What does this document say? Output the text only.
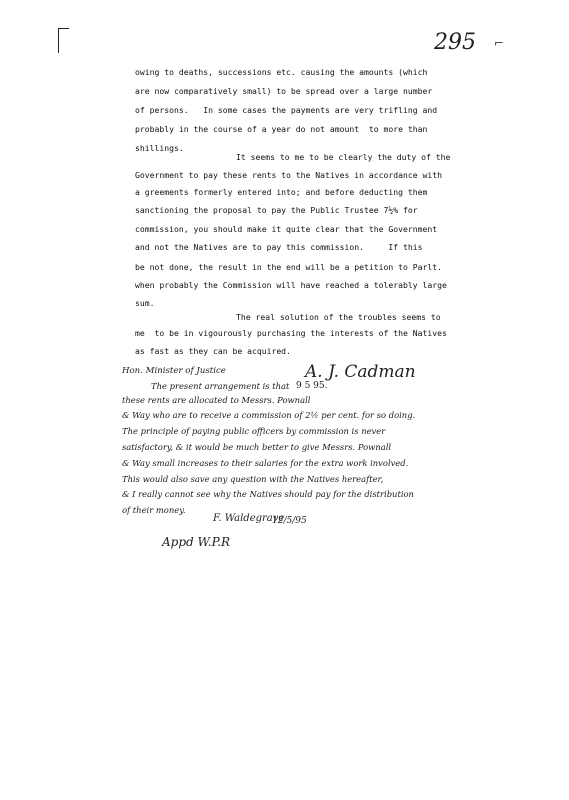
295 ⌐
owing to deaths, successions etc. causing the amounts (which
are now comparatively small) to be spread over a large number
of persons.   In some cases the payments are very trifling and
probably in the course of a year do not amount  to more than
shillings.
It seems to me to be clearly the duty of the
Government to pay these rents to the Natives in accordance with
a greements formerly entered into; and before deducting them
sanctioning the proposal to pay the Public Trustee 7½% for
commission, you should make it quite clear that the Government
and not the Natives are to pay this commission.     If this
be not done, the result in the end will be a petition to Parlt.
when probably the Commission will have reached a tolerably large
sum.
The real solution of the troubles seems to
me  to be in vigourously purchasing the interests of the Natives
as fast as they can be acquired.
A. J. Cadman
9 5 95.
Hon. Minister of Justice
The present arrangement is that
these rents are allocated to Messrs. Pownall
& Way who are to receive a commission of 2½ per cent. for so doing.
The principle of paying public officers by commission is never
satisfactory, & it would be much better to give Messrs. Pownall
& Way small increases to their salaries for the extra work involved.
This would also save any question with the Natives hereafter,
& I really cannot see why the Natives should pay for the distribution
of their money.
F. Waldegrave
12/5/95
Appd W.P.R
